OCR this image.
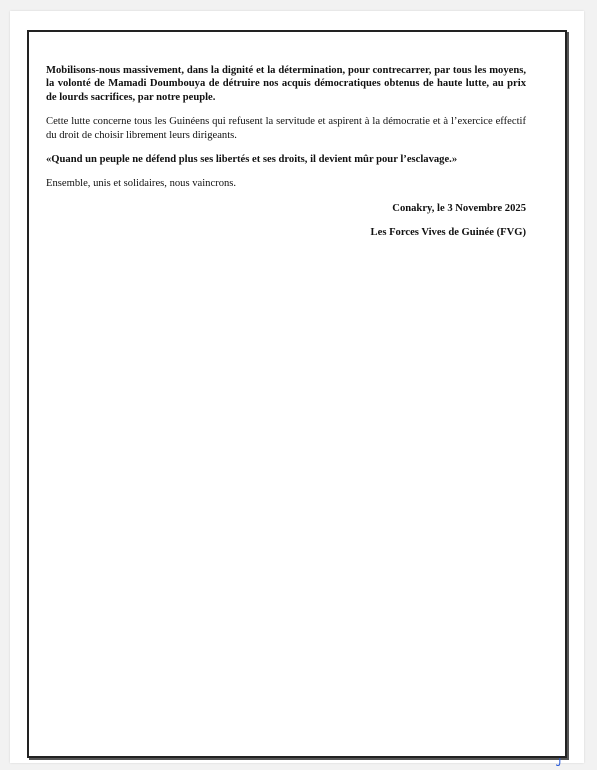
Mobilisons-nous massivement, dans la dignité et la détermination, pour contrecarrer, par tous les moyens, la volonté de Mamadi Doumbouya de détruire nos acquis démocratiques obtenus de haute lutte, au prix de lourds sacrifices, par notre peuple.

Cette lutte concerne tous les Guinéens qui refusent la servitude et aspirent à la démocratie et à l’exercice effectif du droit de choisir librement leurs dirigeants.

«Quand un peuple ne défend plus ses libertés et ses droits, il devient mûr pour l’esclavage.»

Ensemble, unis et solidaires, nous vaincrons.

Conakry, le 3 Novembre 2025

Les Forces Vives de Guinée (FVG)

ᴊ
